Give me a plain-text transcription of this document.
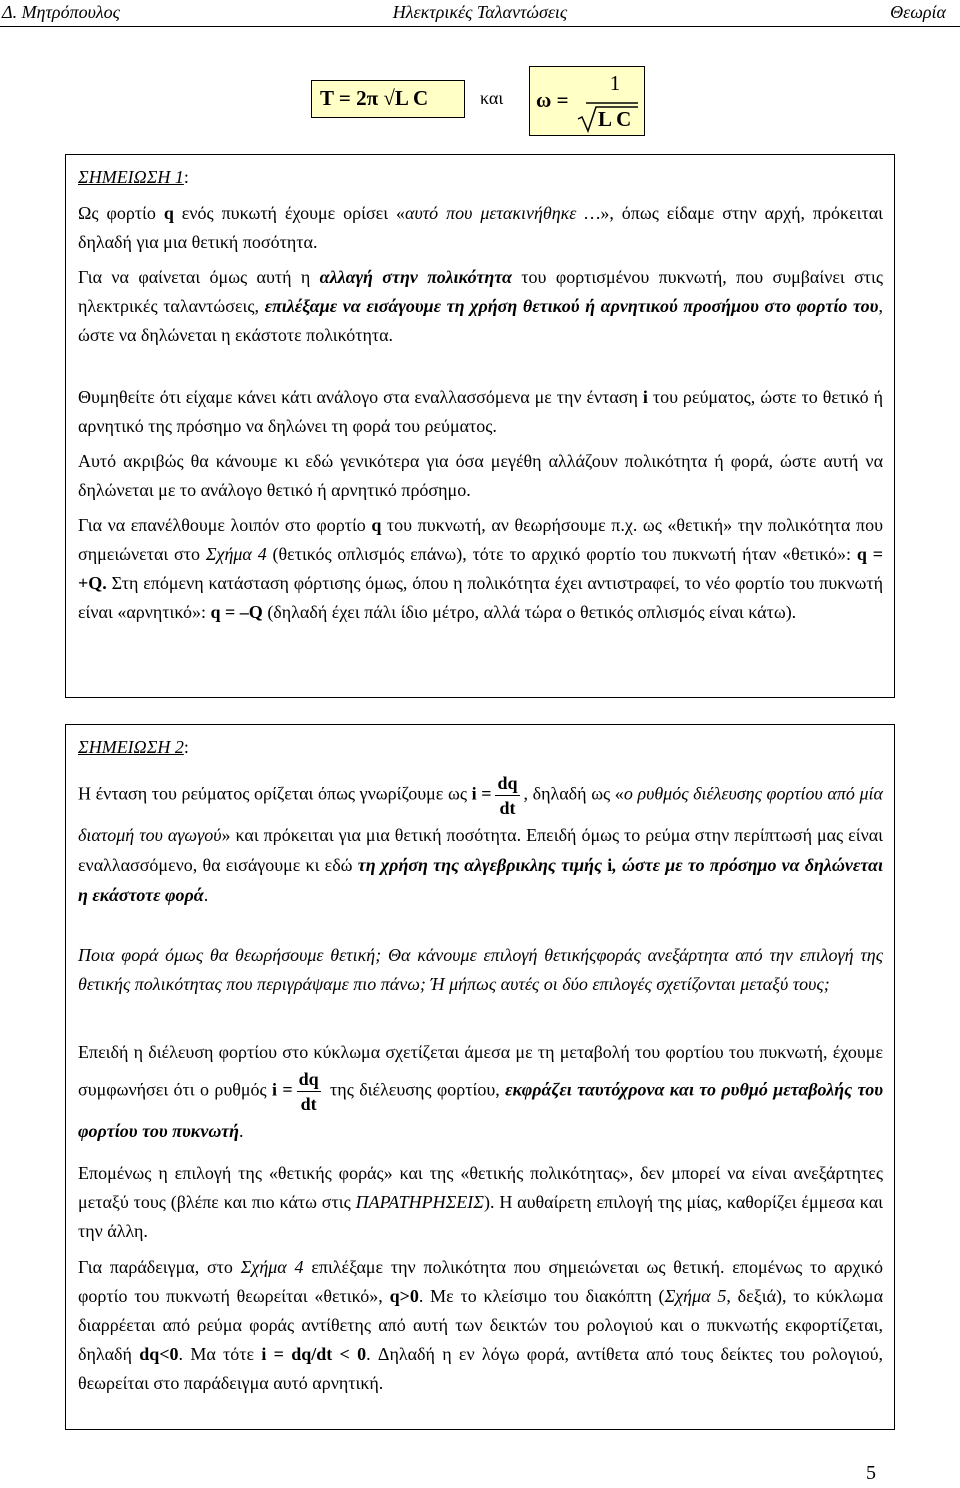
Δ. Μητρόπουλος	Ηλεκτρικές Ταλαντώσεις	Θεωρία
T = 2π √L C	και ω =
1
L C
ΣΗΜΕΙΩΣΗ 1:
Ως φορτίο q ενός πυκωτή έχουμε ορίσει «αυτό που μετακινήθηκε …», όπως είδαμε στην αρχή, πρόκειται δηλαδή για μια θετική ποσότητα.
Για να φαίνεται όμως αυτή η αλλαγή στην πολικότητα του φορτισμένου πυκνωτή, που συμβαίνει στις ηλεκτρικές ταλαντώσεις, επιλέξαμε να εισάγουμε τη χρήση θετικού ή αρνητικού προσήμου στο φορτίο του, ώστε να δηλώνεται η εκάστοτε πολικότητα.
Θυμηθείτε ότι είχαμε κάνει κάτι ανάλογο στα εναλλασσόμενα με την ένταση i του ρεύματος, ώστε το θετικό ή αρνητικό της πρόσημο να δηλώνει τη φορά του ρεύματος.
Αυτό ακριβώς θα κάνουμε κι εδώ γενικότερα για όσα μεγέθη αλλάζουν πολικότητα ή φορά, ώστε αυτή να δηλώνεται με το ανάλογο θετικό ή αρνητικό πρόσημο.
Για να επανέλθουμε λοιπόν στο φορτίο q του πυκνωτή, αν θεωρήσουμε π.χ. ως «θετική» την πολικότητα που σημειώνεται στο Σχήμα 4 (θετικός οπλισμός επάνω), τότε το αρχικό φορτίο του πυκνωτή ήταν «θετικό»: q = +Q. Στη επόμενη κατάσταση φόρτισης όμως, όπου η πολικότητα έχει αντιστραφεί, το νέο φορτίο του πυκνωτή είναι «αρνητικό»: q = –Q (δηλαδή έχει πάλι ίδιο μέτρο, αλλά τώρα ο θετικός οπλισμός είναι κάτω).
ΣΗΜΕΙΩΣΗ 2:
Η ένταση του ρεύματος ορίζεται όπως γνωρίζουμε ως $i = \frac{dq}{dt}$ , δηλαδή ως «ο ρυθμός διέλευσης φορτίου από μία διατομή του αγωγού» και πρόκειται για μια θετική ποσότητα. Επειδή όμως το ρεύμα στην περίπτωσή μας είναι εναλλασσόμενο, θα εισάγουμε κι εδώ τη χρήση της αλγεβρικλης τιμής i, ώστε με το πρόσημο να δηλώνεται η εκάστοτε φορά.
Ποια φορά όμως θα θεωρήσουμε θετική; Θα κάνουμε επιλογή θετικήςφοράς ανεξάρτητα από την επιλογή της θετικής πολικότητας που περιγράψαμε πιο πάνω; Ή μήπως αυτές οι δύο επιλογές σχετίζονται μεταξύ τους;
Επειδή η διέλευση φορτίου στο κύκλωμα σχετίζεται άμεσα με τη μεταβολή του φορτίου του πυκνωτή, έχουμε συμφωνήσει ότι ο ρυθμός $i = \frac{dq}{dt}$ της διέλευσης φορτίου, εκφράζει ταυτόχρονα και το ρυθμό μεταβολής του φορτίου του πυκνωτή.
Επομένως η επιλογή της «θετικής φοράς» και της «θετικής πολικότητας», δεν μπορεί να είναι ανεξάρτητες μεταξύ τους (βλέπε και πιο κάτω στις ΠΑΡΑΤΗΡΗΣΕΙΣ). Η αυθαίρετη επιλογή της μίας, καθορίζει έμμεσα και την άλλη.
Για παράδειγμα, στο Σχήμα 4 επιλέξαμε την πολικότητα που σημειώνεται ως θετική. επομένως το αρχικό φορτίο του πυκνωτή θεωρείται «θετικό», q>0. Με το κλείσιμο του διακόπτη (Σχήμα 5, δεξιά), το κύκλωμα διαρρέεται από ρεύμα φοράς αντίθετης από αυτή των δεικτών του ρολογιού και ο πυκνωτής εκφορτίζεται, δηλαδή dq<0. Μα τότε i = dq/dt < 0. Δηλαδή η εν λόγω φορά, αντίθετα από τους δείκτες του ρολογιού, θεωρείται στο παράδειγμα αυτό αρνητική.
5
